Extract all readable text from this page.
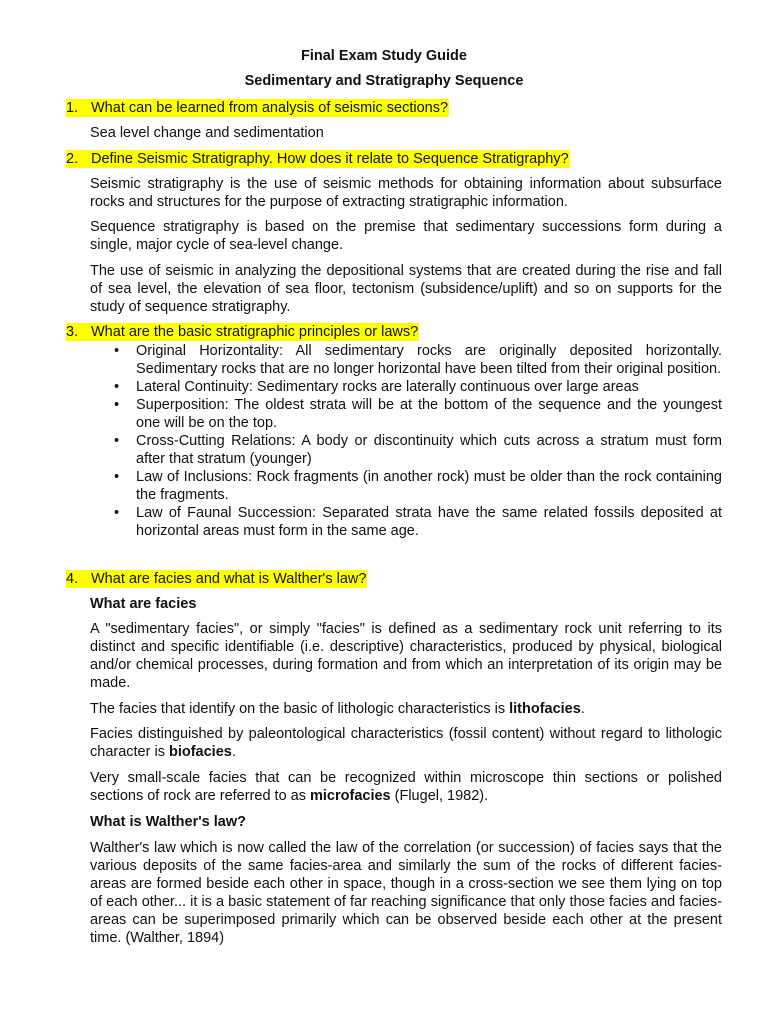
Final Exam Study Guide
Sedimentary and Stratigraphy Sequence
1. What can be learned from analysis of seismic sections?
Sea level change and sedimentation
2. Define Seismic Stratigraphy. How does it relate to Sequence Stratigraphy?
Seismic stratigraphy is the use of seismic methods for obtaining information about subsurface rocks and structures for the purpose of extracting stratigraphic information.
Sequence stratigraphy is based on the premise that sedimentary successions form during a single, major cycle of sea-level change.
The use of seismic in analyzing the depositional systems that are created during the rise and fall of sea level, the elevation of sea floor, tectonism (subsidence/uplift) and so on supports for the study of sequence stratigraphy.
3. What are the basic stratigraphic principles or laws?
• Original Horizontality: All sedimentary rocks are originally deposited horizontally. Sedimentary rocks that are no longer horizontal have been tilted from their original position.
• Lateral Continuity: Sedimentary rocks are laterally continuous over large areas
• Superposition: The oldest strata will be at the bottom of the sequence and the youngest one will be on the top.
• Cross-Cutting Relations: A body or discontinuity which cuts across a stratum must form after that stratum (younger)
• Law of Inclusions: Rock fragments (in another rock) must be older than the rock containing the fragments.
• Law of Faunal Succession: Separated strata have the same related fossils deposited at horizontal areas must form in the same age.
4. What are facies and what is Walther's law?
What are facies
A "sedimentary facies", or simply "facies" is defined as a sedimentary rock unit referring to its distinct and specific identifiable (i.e. descriptive) characteristics, produced by physical, biological and/or chemical processes, during formation and from which an interpretation of its origin may be made.
The facies that identify on the basic of lithologic characteristics is lithofacies.
Facies distinguished by paleontological characteristics (fossil content) without regard to lithologic character is biofacies.
Very small-scale facies that can be recognized within microscope thin sections or polished sections of rock are referred to as microfacies (Flugel, 1982).
What is Walther's law?
Walther's law which is now called the law of the correlation (or succession) of facies says that the various deposits of the same facies-area and similarly the sum of the rocks of different facies-areas are formed beside each other in space, though in a cross-section we see them lying on top of each other... it is a basic statement of far reaching significance that only those facies and facies-areas can be superimposed primarily which can be observed beside each other at the present time. (Walther, 1894)
